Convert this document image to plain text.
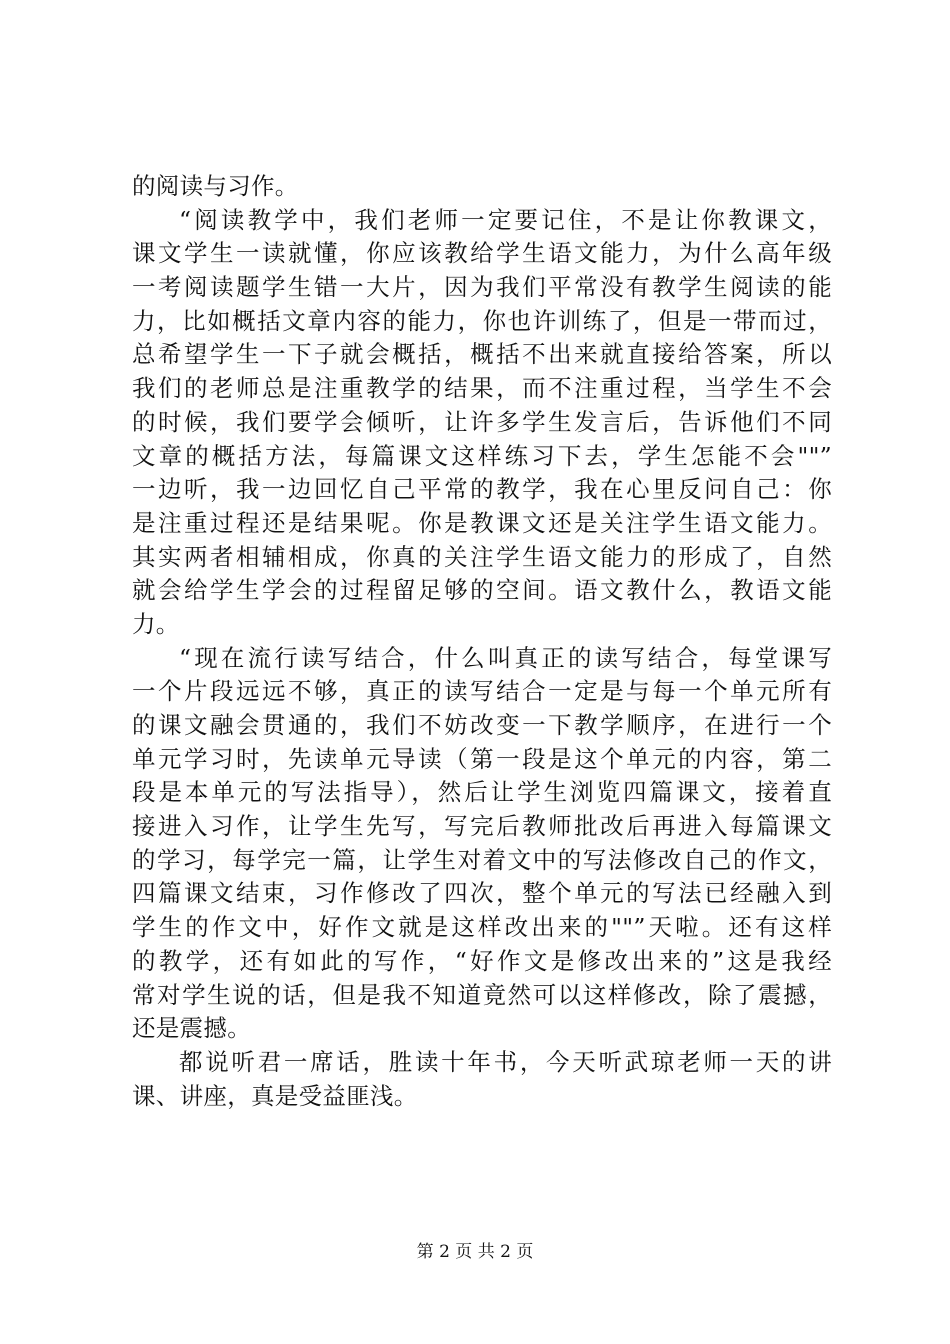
的阅读与习作。
“阅读教学中，我们老师一定要记住，不是让你教课文，
课文学生一读就懂，你应该教给学生语文能力，为什么高年级
一考阅读题学生错一大片，因为我们平常没有教学生阅读的能
力，比如概括文章内容的能力，你也许训练了，但是一带而过，
总希望学生一下子就会概括，概括不出来就直接给答案，所以
我们的老师总是注重教学的结果，而不注重过程，当学生不会
的时候，我们要学会倾听，让许多学生发言后，告诉他们不同
文章的概括方法，每篇课文这样练习下去，学生怎能不会""”
一边听，我一边回忆自己平常的教学，我在心里反问自己：你
是注重过程还是结果呢。你是教课文还是关注学生语文能力。
其实两者相辅相成，你真的关注学生语文能力的形成了，自然
就会给学生学会的过程留足够的空间。语文教什么，教语文能
力。
“现在流行读写结合，什么叫真正的读写结合，每堂课写
一个片段远远不够，真正的读写结合一定是与每一个单元所有
的课文融会贯通的，我们不妨改变一下教学顺序，在进行一个
单元学习时，先读单元导读（第一段是这个单元的内容，第二
段是本单元的写法指导），然后让学生浏览四篇课文，接着直
接进入习作，让学生先写，写完后教师批改后再进入每篇课文
的学习，每学完一篇，让学生对着文中的写法修改自己的作文，
四篇课文结束，习作修改了四次，整个单元的写法已经融入到
学生的作文中，好作文就是这样改出来的""”天啦。还有这样
的教学，还有如此的写作，“好作文是修改出来的”这是我经
常对学生说的话，但是我不知道竟然可以这样修改，除了震撼，
还是震撼。
都说听君一席话，胜读十年书，今天听武琼老师一天的讲
课、讲座，真是受益匪浅。
第 2 页 共 2 页
